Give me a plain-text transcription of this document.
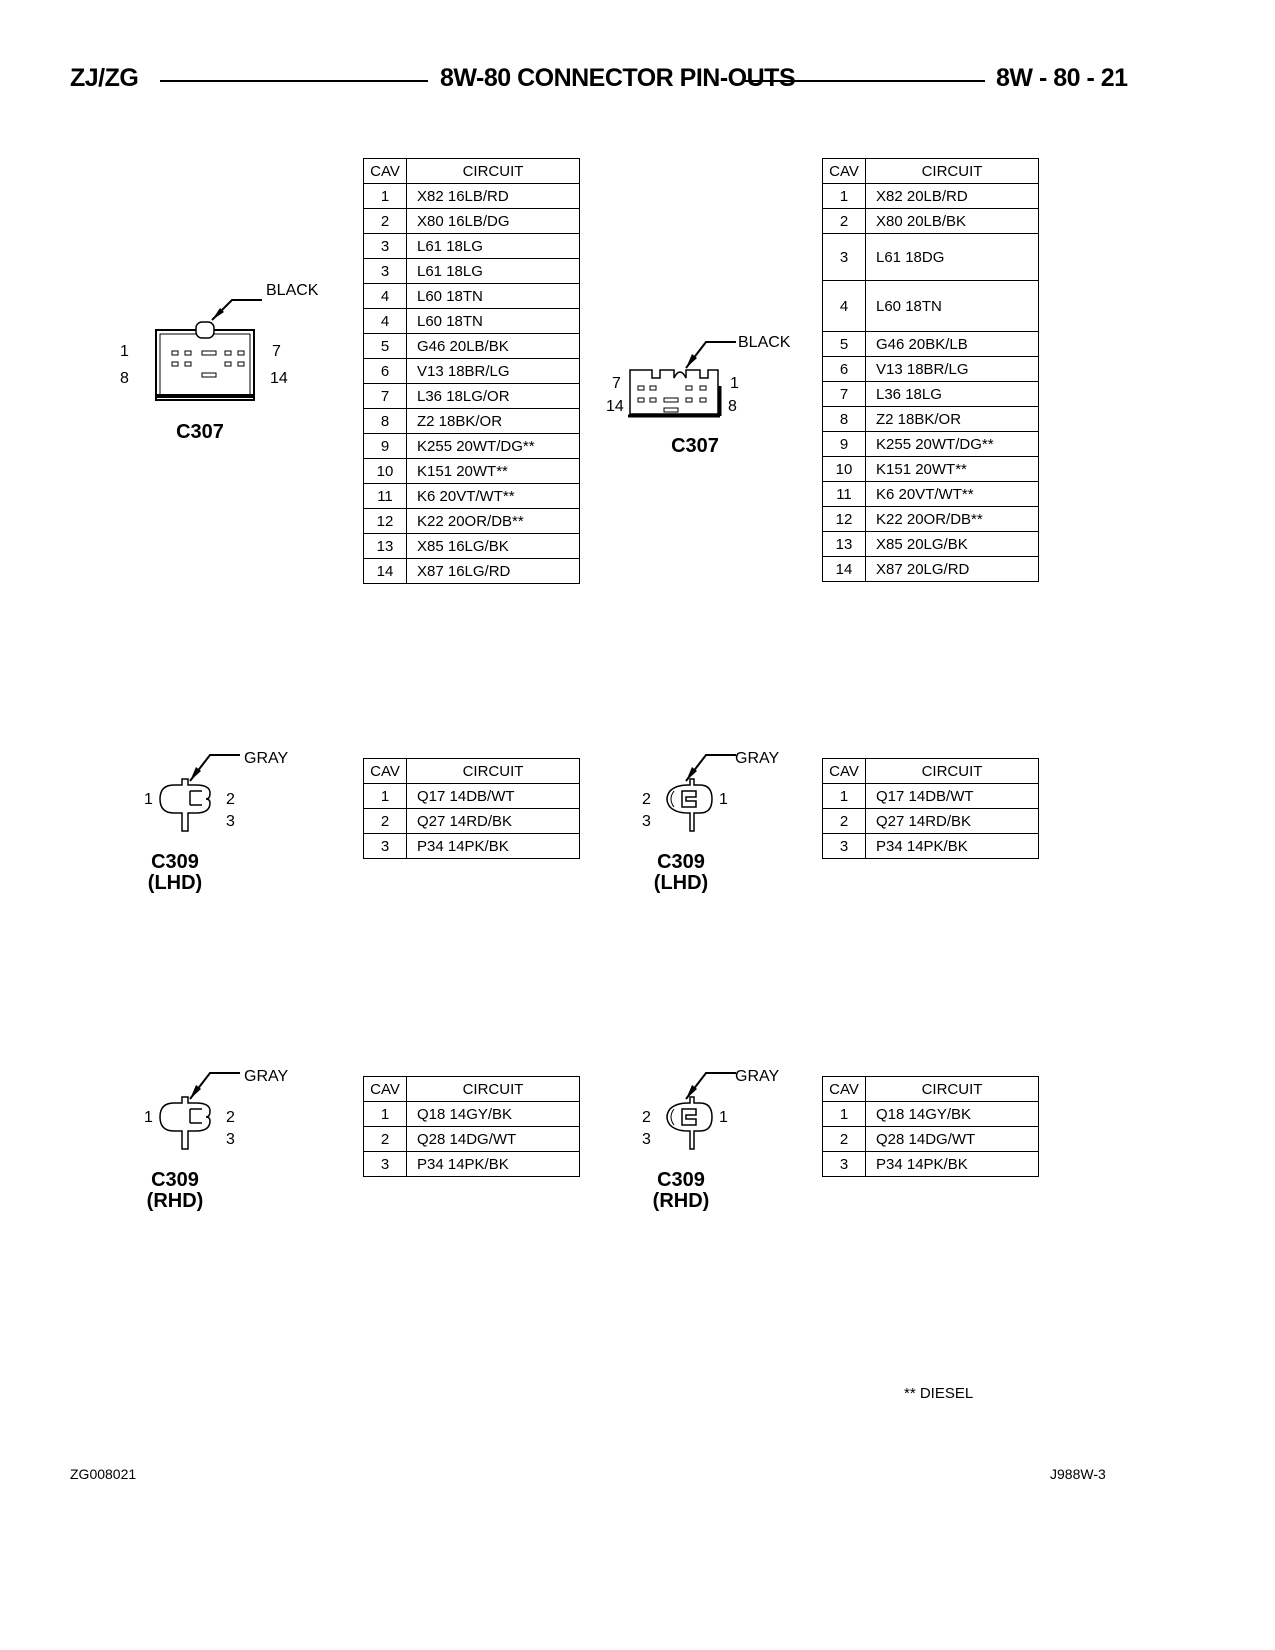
ZJ/ZG	8W-80 CONNECTOR PIN-OUTS	8W - 80 - 21
BLACK
1
8
7
14
C307
CAV	CIRCUIT
1	X82 16LB/RD
2	X80 16LB/DG
3	L61 18LG
3	L61 18LG
4	L60 18TN
4	L60 18TN
5	G46 20LB/BK
6	V13 18BR/LG
7	L36 18LG/OR
8	Z2 18BK/OR
9	K255 20WT/DG**
10	K151 20WT**
11	K6 20VT/WT**
12	K22 20OR/DB**
13	X85 16LG/BK
14	X87 16LG/RD
BLACK
7
14
1
8
C307
CAV	CIRCUIT
1	X82 20LB/RD
2	X80 20LB/BK
3	L61 18DG
4	L60 18TN
5	G46 20BK/LB
6	V13 18BR/LG
7	L36 18LG
8	Z2 18BK/OR
9	K255 20WT/DG**
10	K151 20WT**
11	K6 20VT/WT**
12	K22 20OR/DB**
13	X85 20LG/BK
14	X87 20LG/RD
GRAY
1	2
3
C309
(LHD)
CAV	CIRCUIT
1	Q17 14DB/WT
2	Q27 14RD/BK
3	P34 14PK/BK
GRAY
2
3
1
C309
(LHD)
CAV	CIRCUIT
1	Q17 14DB/WT
2	Q27 14RD/BK
3	P34 14PK/BK
GRAY
1	2
3
C309
(RHD)
CAV	CIRCUIT
1	Q18 14GY/BK
2	Q28 14DG/WT
3	P34 14PK/BK
GRAY
2
3
1
C309
(RHD)
CAV	CIRCUIT
1	Q18 14GY/BK
2	Q28 14DG/WT
3	P34 14PK/BK
** DIESEL
ZG008021	J988W-3
